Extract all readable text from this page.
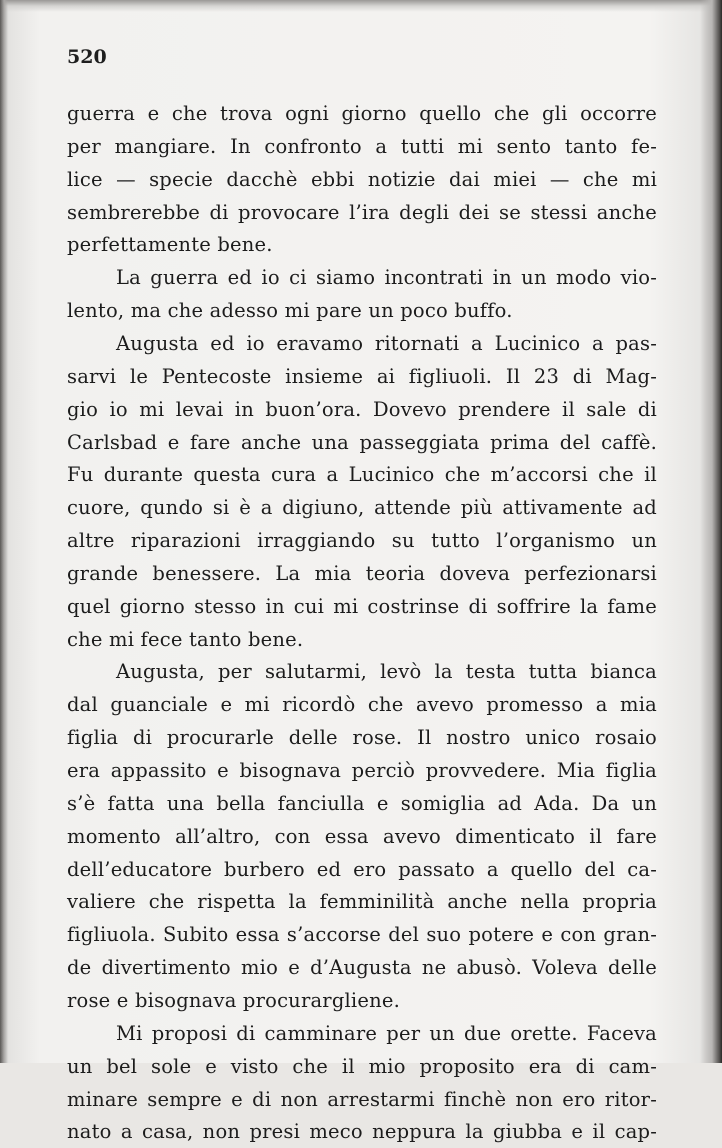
520
guerra e che trova ogni giorno quello che gli occorre
per mangiare. In confronto a tutti mi sento tanto fe-
lice — specie dacchè ebbi notizie dai miei — che mi
sembrerebbe di provocare l’ira degli dei se stessi anche
perfettamente bene.
La guerra ed io ci siamo incontrati in un modo vio-
lento, ma che adesso mi pare un poco buffo.
Augusta ed io eravamo ritornati a Lucinico a pas-
sarvi le Pentecoste insieme ai figliuoli. Il 23 di Mag-
gio io mi levai in buon’ora. Dovevo prendere il sale di
Carlsbad e fare anche una passeggiata prima del caffè.
Fu durante questa cura a Lucinico che m’accorsi che il
cuore, qundo si è a digiuno, attende più attivamente ad
altre riparazioni irraggiando su tutto l’organismo un
grande benessere. La mia teoria doveva perfezionarsi
quel giorno stesso in cui mi costrinse di soffrire la fame
che mi fece tanto bene.
Augusta, per salutarmi, levò la testa tutta bianca
dal guanciale e mi ricordò che avevo promesso a mia
figlia di procurarle delle rose. Il nostro unico rosaio
era appassito e bisognava perciò provvedere. Mia figlia
s’è fatta una bella fanciulla e somiglia ad Ada. Da un
momento all’altro, con essa avevo dimenticato il fare
dell’educatore burbero ed ero passato a quello del ca-
valiere che rispetta la femminilità anche nella propria
figliuola. Subito essa s’accorse del suo potere e con gran-
de divertimento mio e d’Augusta ne abusò. Voleva delle
rose e bisognava procurargliene.
Mi proposi di camminare per un due orette. Faceva
un bel sole e visto che il mio proposito era di cam-
minare sempre e di non arrestarmi finchè non ero ritor-
nato a casa, non presi meco neppura la giubba e il cap-
